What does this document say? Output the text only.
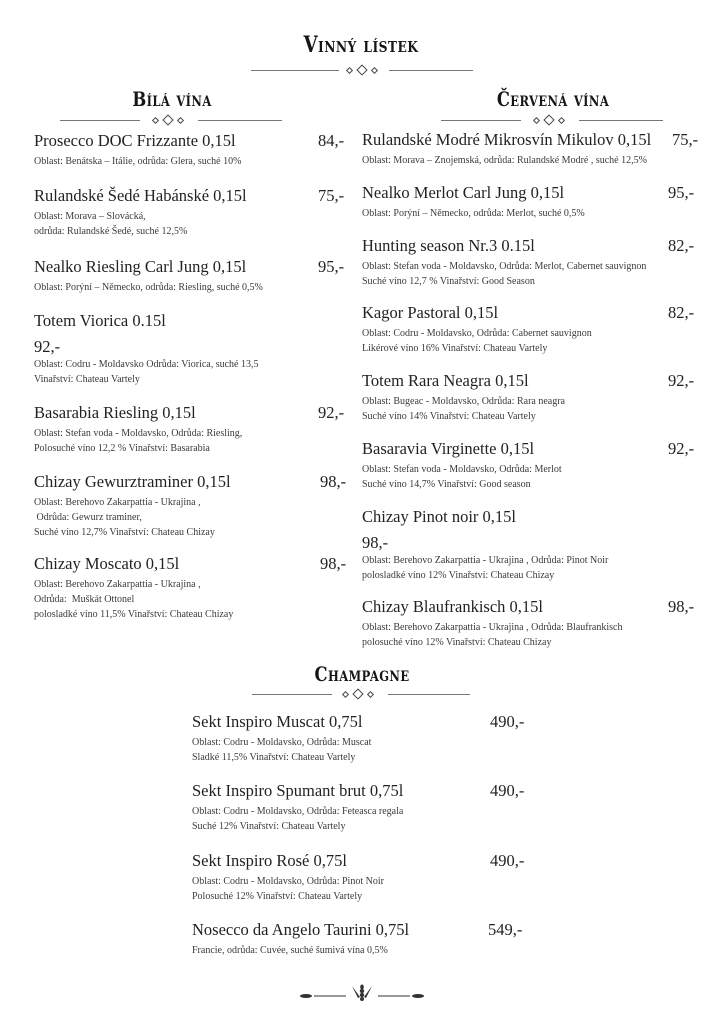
Vinný lístek
Bílá vína	Červená vína
Prosecco DOC Frizzante 0,15l	84,-
Oblast: Benátska – Itálie, odrůda: Glera, suché 10%
Rulandské Šedé Habánské 0,15l	75,-
Oblast: Morava – Slovácká,
odrůda: Rulandské Šedé, suché 12,5%
Nealko Riesling Carl Jung 0,15l	95,-
Oblast: Porýní – Německo, odrůda: Riesling, suché 0,5%
Totem Viorica 0.15l
92,-
Oblast: Codru - Moldavsko Odrůda: Viorica, suché 13,5
Vinařství: Chateau Vartely
Basarabia Riesling 0,15l	92,-
Oblast: Stefan voda - Moldavsko, Odrůda: Riesling,
Polosuché víno 12,2 % Vinařství: Basarabia
Chizay Gewurztraminer 0,15l	98,-
Oblast: Berehovo Zakarpattia - Ukrajina ,
Odrůda: Gewurz traminer,
Suché víno 12,7% Vinařství: Chateau Chizay
Chizay Moscato 0,15l	98,-
Oblast: Berehovo Zakarpattia - Ukrajina ,
Odrůda:  Muškát Ottonel
polosladké víno 11,5% Vinařství: Chateau Chizay
Rulandské Modré Mikrosvín Mikulov 0,15l 75,-
Oblast: Morava – Znojemská, odrůda: Rulandské Modré , suché 12,5%
Nealko Merlot Carl Jung 0,15l	95,-
Oblast: Porýní – Německo, odrůda: Merlot, suché 0,5%
Hunting season Nr.3 0.15l	82,-
Oblast: Stefan voda - Moldavsko, Odrůda: Merlot, Cabernet sauvignon
Suché víno 12,7 % Vinařství: Good Season
Kagor Pastoral 0,15l	82,-
Oblast: Codru - Moldavsko, Odrůda: Cabernet sauvignon
Likérové víno 16% Vinařství: Chateau Vartely
Totem Rara Neagra 0,15l	92,-
Oblast: Bugeac - Moldavsko, Odrůda: Rara neagra
Suché víno 14% Vinařství: Chateau Vartely
Basaravia Virginette 0,15l	92,-
Oblast: Stefan voda - Moldavsko, Odrůda: Merlot
Suché víno 14,7% Vinařství: Good season
Chizay Pinot noir 0,15l
98,-
Oblast: Berehovo Zakarpattia - Ukrajina , Odrůda: Pinot Noir
polosladké víno 12% Vinařství: Chateau Chizay
Chizay Blaufrankisch 0,15l	98,-
Oblast: Berehovo Zakarpattia - Ukrajina , Odrůda: Blaufrankisch
polosuché víno 12% Vinařství: Chateau Chizay
Champagne
Sekt Inspiro Muscat 0,75l	490,-
Oblast: Codru - Moldavsko, Odrůda: Muscat
Sladké 11,5% Vinařství: Chateau Vartely
Sekt Inspiro Spumant brut 0,75l	490,-
Oblast: Codru - Moldavsko, Odrůda: Feteasca regala
Suché 12% Vinařství: Chateau Vartely
Sekt Inspiro Rosé 0,75l	490,-
Oblast: Codru - Moldavsko, Odrůda: Pinot Noir
Polosuché 12% Vinařství: Chateau Vartely
Nosecco da Angelo Taurini 0,75l	549,-
Francie, odrůda: Cuvée, suché šumivá vína 0,5%
